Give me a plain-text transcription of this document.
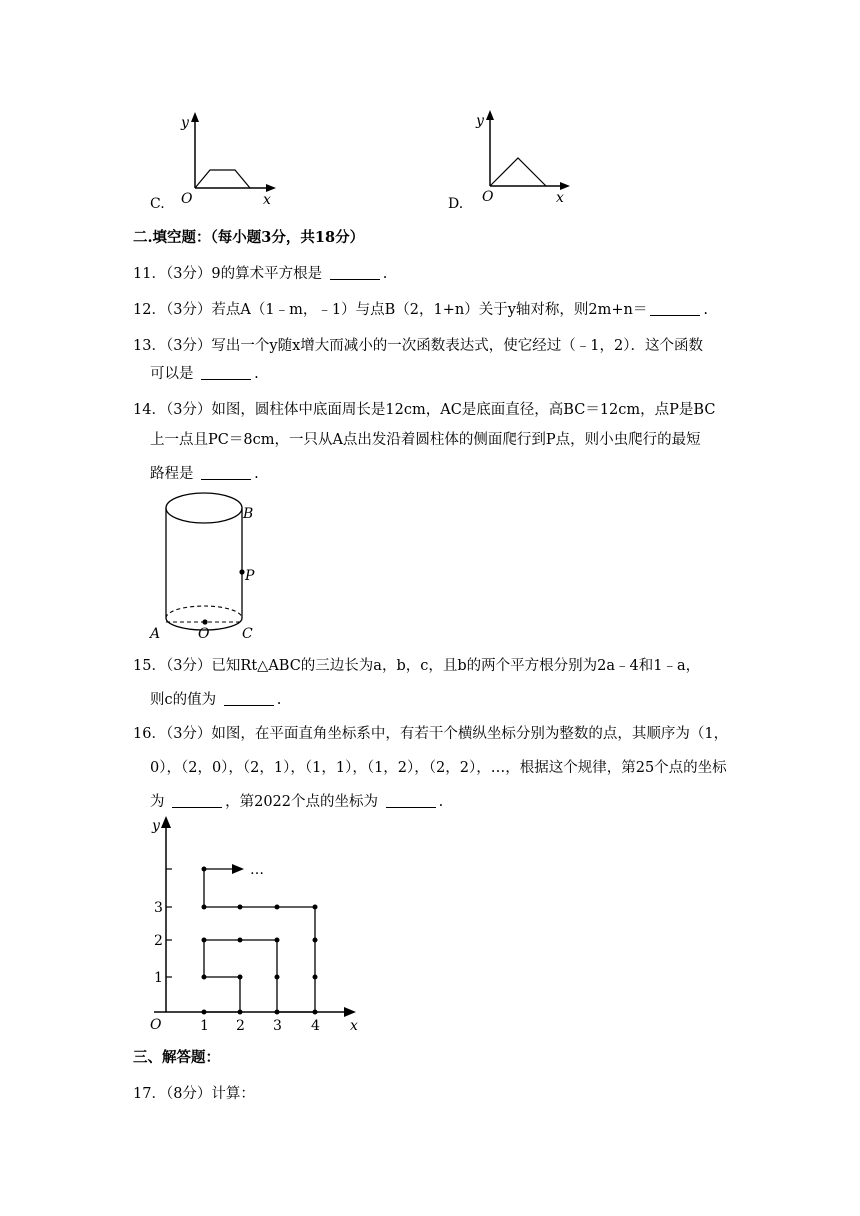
C.
y
x
O	D.
y
x
O
二.填空题：（每小题3分，共18分）
11．（3分）9的算术平方根是	.
12．（3分）若点A（1﹣m，﹣1）与点B（2，1+n）关于y轴对称，则2m+n＝	.
13．（3分）写出一个y随x增大而减小的一次函数表达式，使它经过（﹣1，2）．这个函数
可以是	.
14．（3分）如图，圆柱体中底面周长是12cm，AC是底面直径，高BC＝12cm，点P是BC
上一点且PC＝8cm，一只从A点出发沿着圆柱体的侧面爬行到P点，则小虫爬行的最短
路程是	.
A	O C
B
P
15．（3分）已知Rt△ABC的三边长为a，b，c，且b的两个平方根分别为2a﹣4和1﹣a，
则c的值为	.
16．（3分）如图，在平面直角坐标系中，有若干个横纵坐标分别为整数的点，其顺序为（1，
0），（2，0），（2，1），（1，1），（1，2），（2，2），…，根据这个规律，第25个点的坐标
为	，第2022个点的坐标为	.
…
y
x
O	1 2 3 4
1
2
3
三、解答题：
17．（8分）计算：
